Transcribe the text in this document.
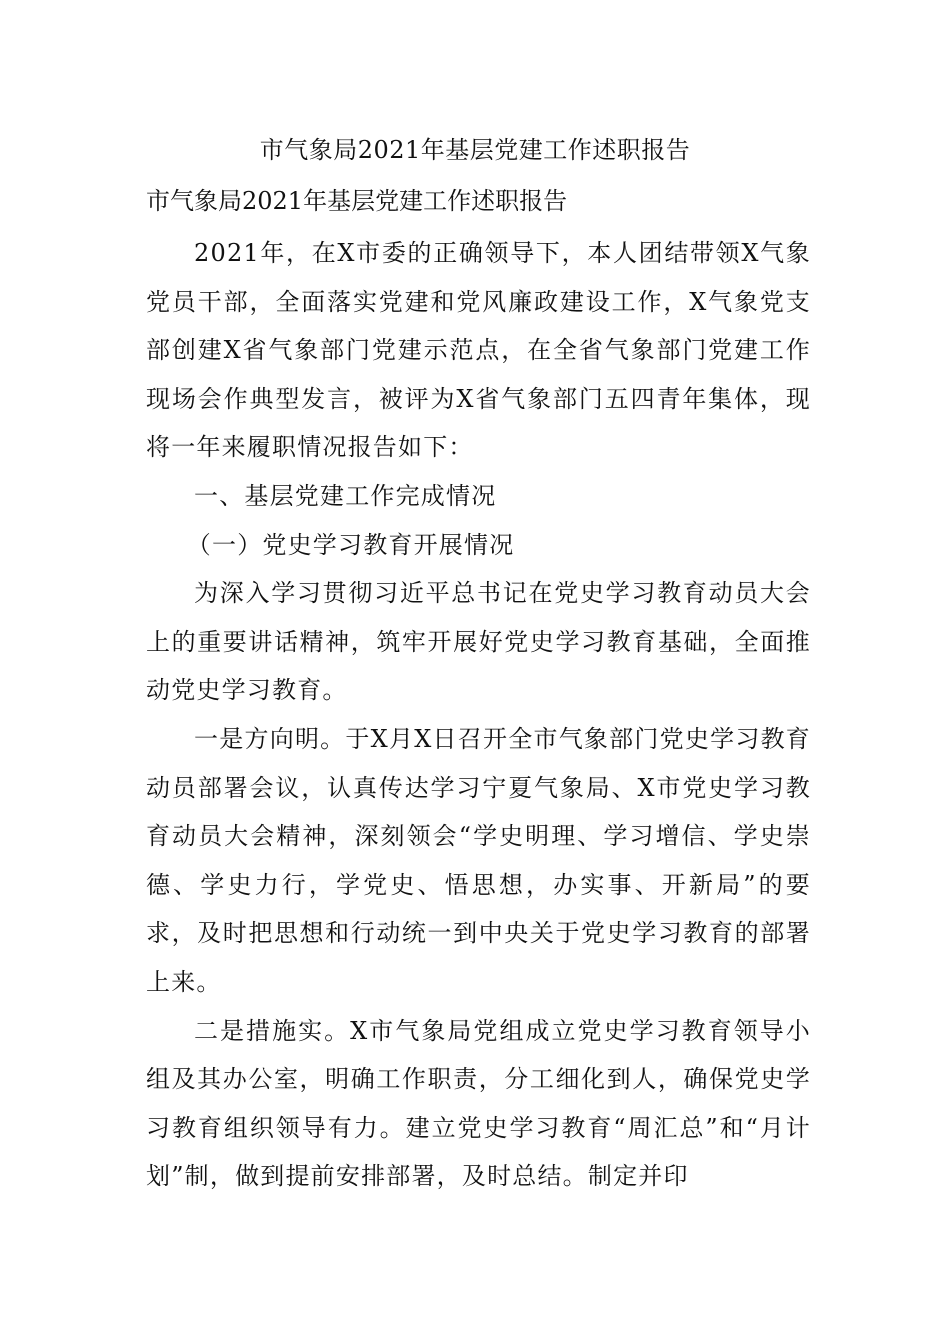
市气象局2021年基层党建工作述职报告
市气象局2021年基层党建工作述职报告

2021年，在X市委的正确领导下，本人团结带领X气象党员干部，全面落实党建和党风廉政建设工作，X气象党支部创建X省气象部门党建示范点，在全省气象部门党建工作现场会作典型发言，被评为X省气象部门五四青年集体，现将一年来履职情况报告如下：

一、基层党建工作完成情况

（一）党史学习教育开展情况

为深入学习贯彻习近平总书记在党史学习教育动员大会上的重要讲话精神，筑牢开展好党史学习教育基础，全面推动党史学习教育。

一是方向明。于X月X日召开全市气象部门党史学习教育动员部署会议，认真传达学习宁夏气象局、X市党史学习教育动员大会精神，深刻领会“学史明理、学习增信、学史崇德、学史力行，学党史、悟思想，办实事、开新局”的要求，及时把思想和行动统一到中央关于党史学习教育的部署上来。

二是措施实。X市气象局党组成立党史学习教育领导小组及其办公室，明确工作职责，分工细化到人，确保党史学习教育组织领导有力。建立党史学习教育“周汇总”和“月计划”制，做到提前安排部署，及时总结。制定并印
